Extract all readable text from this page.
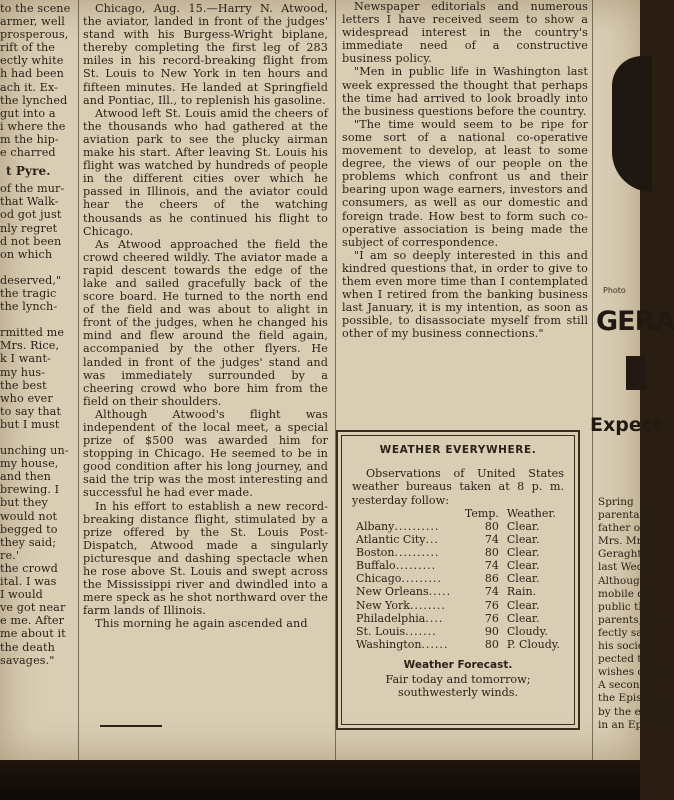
to the scene

armer, well

prosperous,

rift of the

ectly white

h had been

ach it. Ex-

the lynched

gut into a

i where the

m the hip-

e charred

t Pyre.

of the mur-

that Walk-

od got just

nly regret

d not been

on which

deserved,"

the tragic

the lynch-

rmitted me

Mrs. Rice,

k I want-

my hus-

the best

who ever

to say that

but I must

unching un-

my house,

and then

brewing. I

but they

would not

begged to

they said;

re.'

the crowd

ital. I was

I would

ve got near

e me. After

me about it

the death

savages."

Chicago, Aug. 15.—Harry N. Atwood, the aviator, landed in front of the judges' stand with his Burgess-Wright biplane, thereby completing the first leg of 283 miles in his record-breaking flight from St. Louis to New York in ten hours and fifteen minutes. He landed at Springfield and Pontiac, Ill., to replenish his gasoline.

Atwood left St. Louis amid the cheers of the thousands who had gathered at the aviation park to see the plucky airman make his start. After leaving St. Louis his flight was watched by hundreds of people in the different cities over which he passed in Illinois, and the aviator could hear the cheers of the watching thousands as he continued his flight to Chicago.

As Atwood approached the field the crowd cheered wildly. The aviator made a rapid descent towards the edge of the lake and sailed gracefully back of the score board. He turned to the north end of the field and was about to alight in front of the judges, when he changed his mind and flew around the field again, accompanied by the other flyers. He landed in front of the judges' stand and was immediately surrounded by a cheering crowd who bore him from the field on their shoulders.

Although Atwood's flight was independent of the local meet, a special prize of $500 was awarded him for stopping in Chicago. He seemed to be in good condition after his long journey, and said the trip was the most interesting and successful he had ever made.

In his effort to establish a new record-breaking distance flight, stimulated by a prize offered by the St. Louis Post-Dispatch, Atwood made a singularly picturesque and dashing spectacle when he rose above St. Louis and swept across the Mississippi river and dwindled into a mere speck as he shot northward over the farm lands of Illinois.

This morning he again ascended and

Newspaper editorials and numerous letters I have received seem to show a widespread interest in the country's immediate need of a constructive business policy.

"Men in public life in Washington last week expressed the thought that perhaps the time had arrived to look broadly into the business questions before the country.

"The time would seem to be ripe for some sort of a national co-operative movement to develop, at least to some degree, the views of our people on the problems which confront us and their bearing upon wage earners, investors and consumers, as well as our domestic and foreign trade. How best to form such co-operative association is being made the subject of correspondence.

"I am so deeply interested in this and kindred questions that, in order to give to them even more time than I contemplated when I retired from the banking business last January, it is my intention, as soon as possible, to disassociate myself from still other of my business connections."

WEATHER EVERYWHERE.

Observations of United States weather bureaus taken at 8 p. m. yesterday follow:

	Temp.	Weather.
Albany..........	80	Clear.
Atlantic City...	74	Clear.
Boston..........	80	Clear.
Buffalo.........	74	Clear.
Chicago.........	86	Clear.
New Orleans.....	74	Rain.
New York........	76	Clear.
Philadelphia....	76	Clear.
St. Louis.......	90	Cloudy.
Washington......	80	P. Cloudy.
Weather Forecast.
Fair today and tomorrow; southwesterly winds.
Photo
GERA
Expect
Spring
parental
father of
Mrs. Mr.
Geraghty,
last Wedn
Althoug
mobile do
public the
parents, be
fectly satis
his society
pected to r
wishes of th
A second
the Episcop
by the elope
in an Episco
